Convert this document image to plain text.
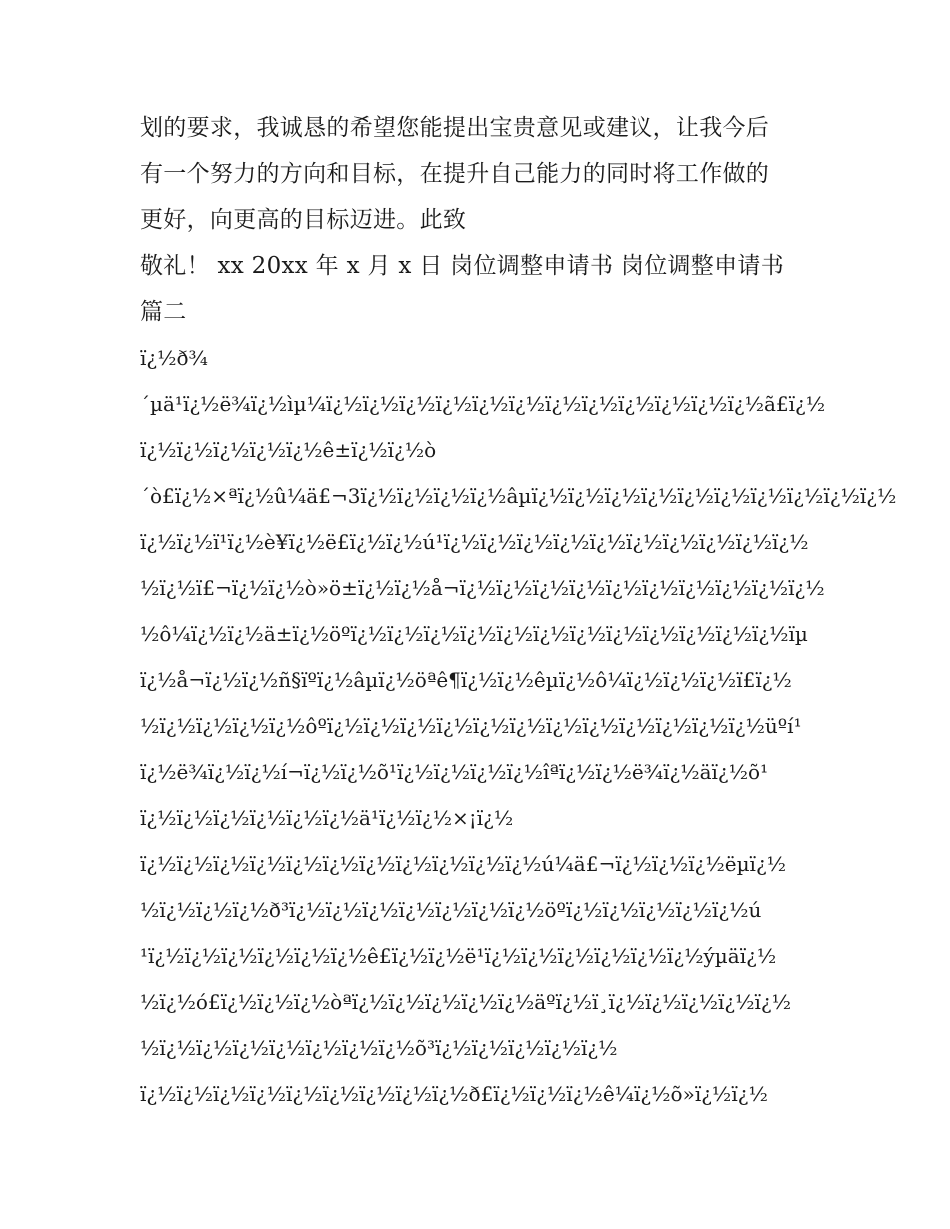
划的要求，我诚恳的希望您能提出宝贵意见或建议，让我今后
有一个努力的方向和目标，在提升自己能力的同时将工作做的
更好，向更高的目标迈进。此致
敬礼！ xx 20xx 年 x 月 x 日 岗位调整申请书 岗位调整申请书
篇二
ï¿½ð¾
´µä¹ï¿½ë¾ï¿½ìµ¼ï¿½ï¿½ï¿½ï¿½ï¿½ï¿½ï¿½ï¿½ï¿½ï¿½ï¿½ï¿½ã£ï¿½
ï¿½ï¿½ï¿½ï¿½ï¿½ê±ï¿½ï¿½ò
´ò£ï¿½×ªï¿½û¼ä£¬3ï¿½ï¿½ï¿½ï¿½âµï¿½ï¿½ï¿½ï¿½ï¿½ï¿½ï¿½ï¿½ï¿½ï¿½
ï¿½ï¿½ï¹ï¿½è¥ï¿½ë£ï¿½ï¿½ú¹ï¿½ï¿½ï¿½ï¿½ï¿½ï¿½ï¿½ï¿½ï¿½ï¿½
½ï¿½ï£¬ï¿½ï¿½ò»ö±ï¿½ï¿½å¬ï¿½ï¿½ï¿½ï¿½ï¿½ï¿½ï¿½ï¿½ï¿½ï¿½
½ô¼ï¿½ï¿½ä±ï¿½öºï¿½ï¿½ï¿½ï¿½ï¿½ï¿½ï¿½ï¿½ï¿½ï¿½ï¿½ï¿½ïµ
ï¿½å¬ï¿½ï¿½ñ§ïºï¿½âµï¿½öªê¶ï¿½ï¿½êµï¿½ô¼ï¿½ï¿½ï¿½ï£ï¿½
½ï¿½ï¿½ï¿½ï¿½ôºï¿½ï¿½ï¿½ï¿½ï¿½ï¿½ï¿½ï¿½ï¿½ï¿½ï¿½ï¿½üºí¹
ï¿½ë¾ï¿½ï¿½í¬ï¿½ï¿½õ¹ï¿½ï¿½ï¿½ï¿½îªï¿½ï¿½ë¾ï¿½äï¿½õ¹
ï¿½ï¿½ï¿½ï¿½ï¿½ï¿½ä¹ï¿½ï¿½×¡ï¿½
ï¿½ï¿½ï¿½ï¿½ï¿½ï¿½ï¿½ï¿½ï¿½ï¿½ï¿½ú¼ä£¬ï¿½ï¿½ï¿½ëµï¿½
½ï¿½ï¿½ï¿½ð³ï¿½ï¿½ï¿½ï¿½ï¿½ï¿½ï¿½öºï¿½ï¿½ï¿½ï¿½ï¿½ú
¹ï¿½ï¿½ï¿½ï¿½ï¿½ï¿½ê£ï¿½ï¿½ë¹ï¿½ï¿½ï¿½ï¿½ï¿½ï¿½ýµäï¿½
½ï¿½ó£ï¿½ï¿½ï¿½òªï¿½ï¿½ï¿½ï¿½ï¿½äºï¿½ï¸ï¿½ï¿½ï¿½ï¿½ï¿½
½ï¿½ï¿½ï¿½ï¿½ï¿½ï¿½ï¿½õ³ï¿½ï¿½ï¿½ï¿½ï¿½
ï¿½ï¿½ï¿½ï¿½ï¿½ï¿½ï¿½ï¿½ï¿½ð£ï¿½ï¿½ï¿½ê¼ï¿½õ»ï¿½ï¿½
